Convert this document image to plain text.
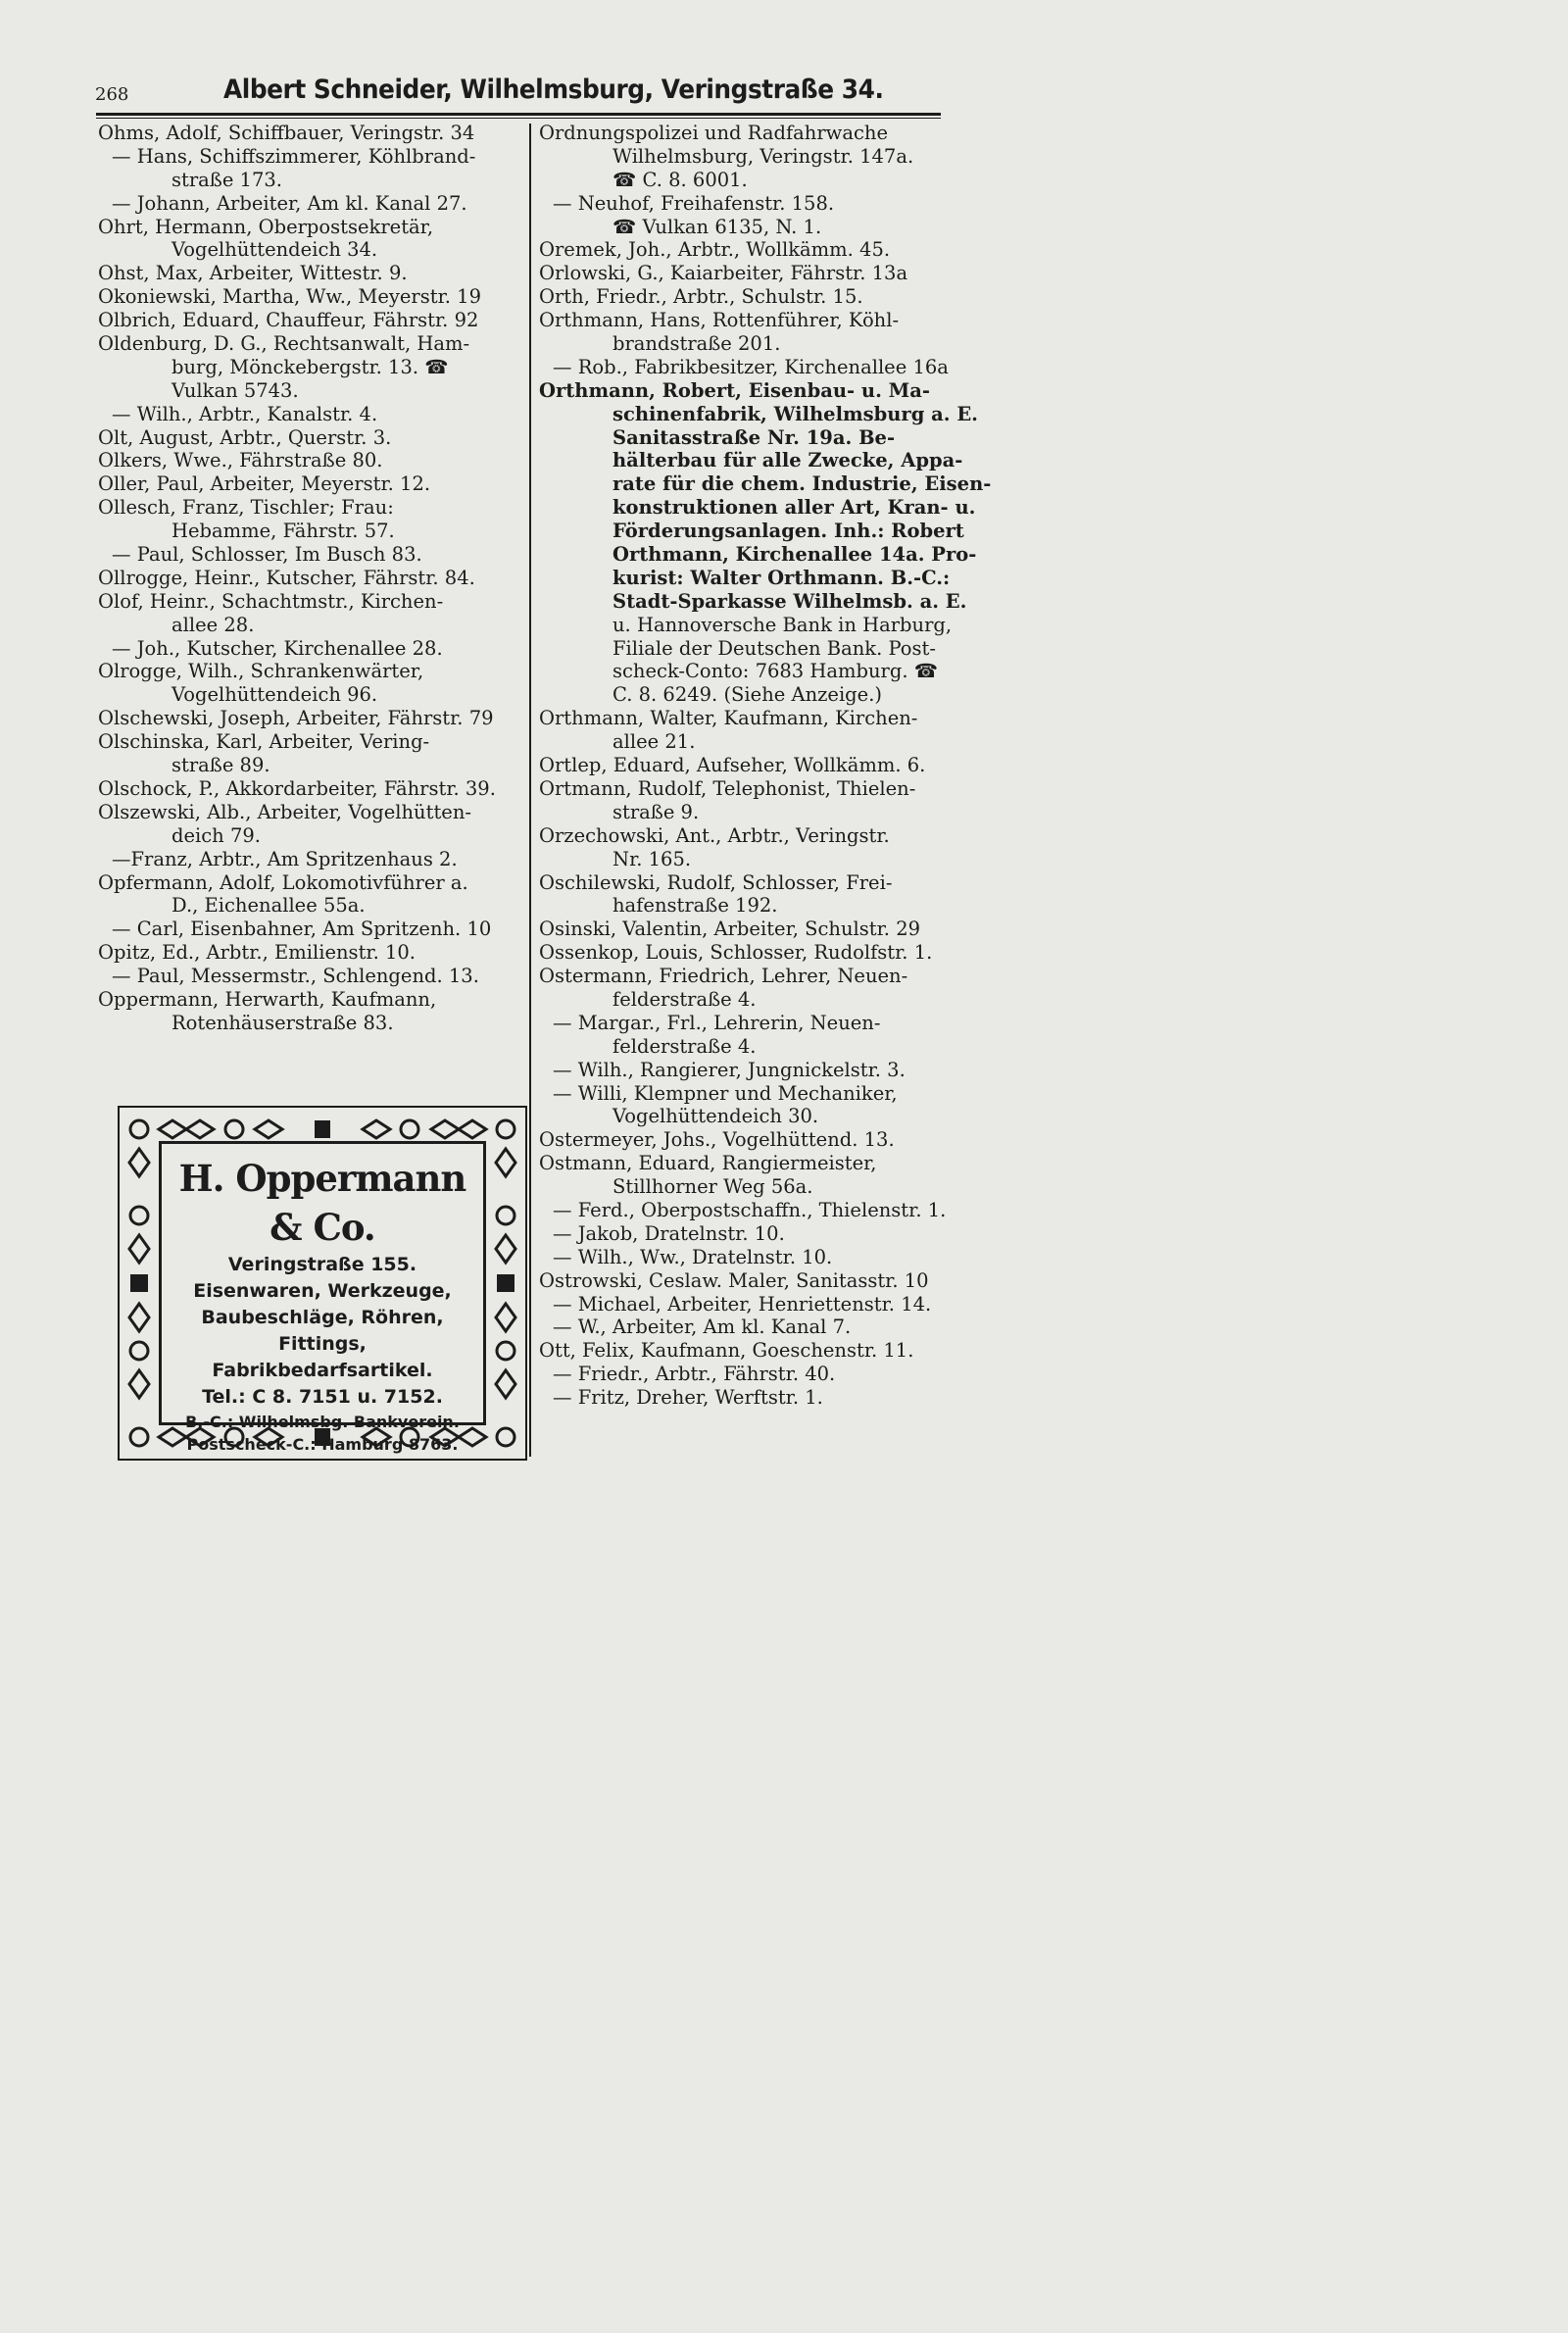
268	Albert Schneider, Wilhelmsburg, Veringstraße 34.
Ohms, Adolf, Schiffbauer, Veringstr. 34
— Hans, Schiffszimmerer, Köhlbrand-
straße 173.
— Johann, Arbeiter, Am kl. Kanal 27.
Ohrt, Hermann, Oberpostsekretär,
Vogelhüttendeich 34.
Ohst, Max, Arbeiter, Wittestr. 9.
Okoniewski, Martha, Ww., Meyerstr. 19
Olbrich, Eduard, Chauffeur, Fährstr. 92
Oldenburg, D. G., Rechtsanwalt, Ham-
burg, Mönckebergstr. 13. ☎
Vulkan 5743.
— Wilh., Arbtr., Kanalstr. 4.
Olt, August, Arbtr., Querstr. 3.
Olkers, Wwe., Fährstraße 80.
Oller, Paul, Arbeiter, Meyerstr. 12.
Ollesch, Franz, Tischler; Frau:
Hebamme, Fährstr. 57.
— Paul, Schlosser, Im Busch 83.
Ollrogge, Heinr., Kutscher, Fährstr. 84.
Olof, Heinr., Schachtmstr., Kirchen-
allee 28.
— Joh., Kutscher, Kirchenallee 28.
Olrogge, Wilh., Schrankenwärter,
Vogelhüttendeich 96.
Olschewski, Joseph, Arbeiter, Fährstr. 79
Olschinska, Karl, Arbeiter, Vering-
straße 89.
Olschock, P., Akkordarbeiter, Fährstr. 39.
Olszewski, Alb., Arbeiter, Vogelhütten-
deich 79.
—Franz, Arbtr., Am Spritzenhaus 2.
Opfermann, Adolf, Lokomotivführer a.
D., Eichenallee 55a.
— Carl, Eisenbahner, Am Spritzenh. 10
Opitz, Ed., Arbtr., Emilienstr. 10.
— Paul, Messermstr., Schlengend. 13.
Oppermann, Herwarth, Kaufmann,
Rotenhäuserstraße 83.
Ordnungspolizei und Radfahrwache
Wilhelmsburg, Veringstr. 147a.
☎ C. 8. 6001.
— Neuhof, Freihafenstr. 158.
☎ Vulkan 6135, N. 1.
Oremek, Joh., Arbtr., Wollkämm. 45.
Orlowski, G., Kaiarbeiter, Fährstr. 13a
Orth, Friedr., Arbtr., Schulstr. 15.
Orthmann, Hans, Rottenführer, Köhl-
brandstraße 201.
— Rob., Fabrikbesitzer, Kirchenallee 16a
Orthmann, Robert, Eisenbau- u. Ma-
schinenfabrik, Wilhelmsburg a. E.
Sanitasstraße Nr. 19a. Be-
hälterbau für alle Zwecke, Appa-
rate für die chem. Industrie, Eisen-
konstruktionen aller Art, Kran- u.
Förderungsanlagen. Inh.: Robert
Orthmann, Kirchenallee 14a. Pro-
kurist: Walter Orthmann. B.-C.:
Stadt-Sparkasse Wilhelmsb. a. E.
u. Hannoversche Bank in Harburg,
Filiale der Deutschen Bank. Post-
scheck-Conto: 7683 Hamburg. ☎
C. 8. 6249. (Siehe Anzeige.)
Orthmann, Walter, Kaufmann, Kirchen-
allee 21.
Ortlep, Eduard, Aufseher, Wollkämm. 6.
Ortmann, Rudolf, Telephonist, Thielen-
straße 9.
Orzechowski, Ant., Arbtr., Veringstr.
Nr. 165.
Oschilewski, Rudolf, Schlosser, Frei-
hafenstraße 192.
Osinski, Valentin, Arbeiter, Schulstr. 29
Ossenkop, Louis, Schlosser, Rudolfstr. 1.
Ostermann, Friedrich, Lehrer, Neuen-
felderstraße 4.
— Margar., Frl., Lehrerin, Neuen-
felderstraße 4.
— Wilh., Rangierer, Jungnickelstr. 3.
— Willi, Klempner und Mechaniker,
Vogelhüttendeich 30.
Ostermeyer, Johs., Vogelhüttend. 13.
Ostmann, Eduard, Rangiermeister,
Stillhorner Weg 56a.
— Ferd., Oberpostschaffn., Thielenstr. 1.
— Jakob, Dratelnstr. 10.
— Wilh., Ww., Dratelnstr. 10.
Ostrowski, Ceslaw. Maler, Sanitasstr. 10
— Michael, Arbeiter, Henriettenstr. 14.
— W., Arbeiter, Am kl. Kanal 7.
Ott, Felix, Kaufmann, Goeschenstr. 11.
— Friedr., Arbtr., Fährstr. 40.
— Fritz, Dreher, Werftstr. 1.
H. Oppermann & Co.
Veringstraße 155.
Eisenwaren, Werkzeuge,
Baubeschläge, Röhren,
Fittings,
Fabrikbedarfsartikel.
Tel.: C 8. 7151 u. 7152.
B.-C.: Wilhelmsbg. Bankverein.
Postscheck-C.: Hamburg 8763.
